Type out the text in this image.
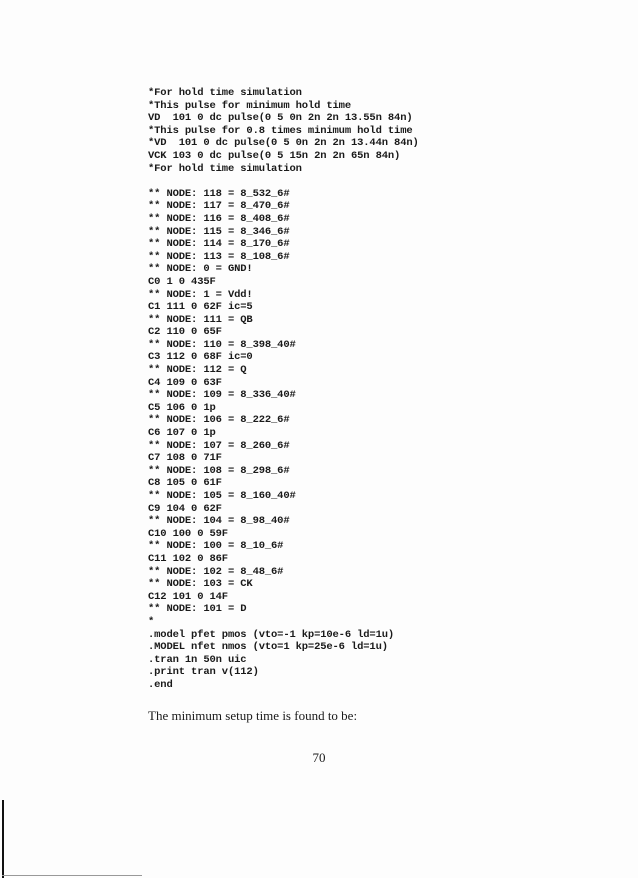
*For hold time simulation
*This pulse for minimum hold time
VD  101 0 dc pulse(0 5 0n 2n 2n 13.55n 84n)
*This pulse for 0.8 times minimum hold time
*VD  101 0 dc pulse(0 5 0n 2n 2n 13.44n 84n)
VCK 103 0 dc pulse(0 5 15n 2n 2n 65n 84n)
*For hold time simulation
** NODE: 118 = 8_532_6#
** NODE: 117 = 8_470_6#
** NODE: 116 = 8_408_6#
** NODE: 115 = 8_346_6#
** NODE: 114 = 8_170_6#
** NODE: 113 = 8_108_6#
** NODE: 0 = GND!
C0 1 0 435F
** NODE: 1 = Vdd!
C1 111 0 62F ic=5
** NODE: 111 = QB
C2 110 0 65F
** NODE: 110 = 8_398_40#
C3 112 0 68F ic=0
** NODE: 112 = Q
C4 109 0 63F
** NODE: 109 = 8_336_40#
C5 106 0 1p
** NODE: 106 = 8_222_6#
C6 107 0 1p
** NODE: 107 = 8_260_6#
C7 108 0 71F
** NODE: 108 = 8_298_6#
C8 105 0 61F
** NODE: 105 = 8_160_40#
C9 104 0 62F
** NODE: 104 = 8_98_40#
C10 100 0 59F
** NODE: 100 = 8_10_6#
C11 102 0 86F
** NODE: 102 = 8_48_6#
** NODE: 103 = CK
C12 101 0 14F
** NODE: 101 = D
*
.model pfet pmos (vto=-1 kp=10e-6 ld=1u)
.MODEL nfet nmos (vto=1 kp=25e-6 ld=1u)
.tran 1n 50n uic
.print tran v(112)
.end
The minimum setup time is found to be:
70
